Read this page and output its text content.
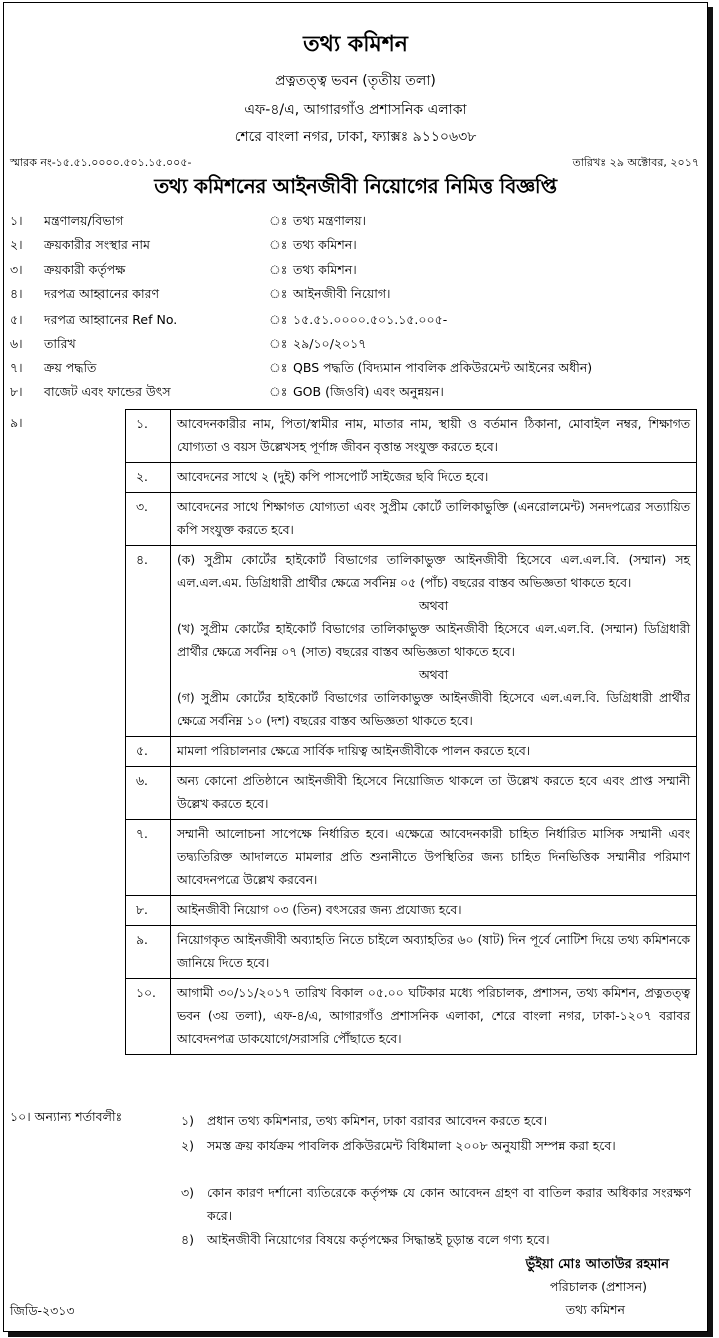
তথ্য কমিশন
প্রত্নতত্ত্ব ভবন (তৃতীয় তলা)
এফ-৪/এ, আগারগাঁও প্রশাসনিক এলাকা
শেরে বাংলা নগর, ঢাকা, ফ্যাক্সঃ ৯১১০৬৩৮
স্মারক নং-১৫.৫১.০০০০.৫০১.১৫.০০৫-	তারিখঃ ২৯ অক্টোবর, ২০১৭
তথ্য কমিশনের আইনজীবী নিয়োগের নিমিত্ত বিজ্ঞপ্তি
১। মন্ত্রণালয়/বিভাগ	ঃ তথ্য মন্ত্রণালয়।
২। ক্রয়কারীর সংস্থার নাম	ঃ তথ্য কমিশন।
৩। ক্রয়কারী কর্তৃপক্ষ	ঃ তথ্য কমিশন।
৪। দরপত্র আহ্বানের কারণ	ঃ আইনজীবী নিয়োগ।
৫। দরপত্র আহ্বানের Ref No.	ঃ ১৫.৫১.০০০০.৫০১.১৫.০০৫-
৬। তারিখ	ঃ ২৯/১০/২০১৭
৭। ক্রয় পদ্ধতি	ঃ QBS পদ্ধতি (বিদ্যমান পাবলিক প্রকিউরমেন্ট আইনের অধীন)
৮। বাজেট এবং ফান্ডের উৎস	ঃ GOB (জিওবি) এবং অনুন্নয়ন।
৯।	১.	আবেদনকারীর নাম, পিতা/স্বামীর নাম, মাতার নাম, স্থায়ী ও বর্তমান ঠিকানা, মোবাইল নম্বর, শিক্ষাগত যোগ্যতা ও বয়স উল্লেখসহ পূর্ণাঙ্গ জীবন বৃত্তান্ত সংযুক্ত করতে হবে।
২.	আবেদনের সাথে ২ (দুই) কপি পাসপোর্ট সাইজের ছবি দিতে হবে।
৩.	আবেদনের সাথে শিক্ষাগত যোগ্যতা এবং সুপ্রীম কোর্টে তালিকাভুক্তি (এনরোলমেন্ট) সনদপত্রের সত্যায়িত কপি সংযুক্ত করতে হবে।
৪.	(ক) সুপ্রীম কোর্টের হাইকোর্ট বিভাগের তালিকাভুক্ত আইনজীবী হিসেবে এল.এল.বি. (সম্মান) সহ এল.এল.এম. ডিগ্রিধারী প্রার্থীর ক্ষেত্রে সর্বনিম্ন ০৫ (পাঁচ) বছরের বাস্তব অভিজ্ঞতা থাকতে হবে।
অথবা
(খ) সুপ্রীম কোর্টের হাইকোর্ট বিভাগের তালিকাভুক্ত আইনজীবী হিসেবে এল.এল.বি. (সম্মান) ডিগ্রিধারী প্রার্থীর ক্ষেত্রে সর্বনিম্ন ০৭ (সাত) বছরের বাস্তব অভিজ্ঞতা থাকতে হবে।
অথবা
(গ) সুপ্রীম কোর্টের হাইকোর্ট বিভাগের তালিকাভুক্ত আইনজীবী হিসেবে এল.এল.বি. ডিগ্রিধারী প্রার্থীর ক্ষেত্রে সর্বনিম্ন ১০ (দশ) বছরের বাস্তব অভিজ্ঞতা থাকতে হবে।

৫.	মামলা পরিচালনার ক্ষেত্রে সার্বিক দায়িত্ব আইনজীবীকে পালন করতে হবে।
৬.	অন্য কোনো প্রতিষ্ঠানে আইনজীবী হিসেবে নিয়োজিত থাকলে তা উল্লেখ করতে হবে এবং প্রাপ্ত সম্মানী উল্লেখ করতে হবে।
৭.	সম্মানী আলোচনা সাপেক্ষে নির্ধারিত হবে। এক্ষেত্রে আবেদনকারী চাহিত নির্ধারিত মাসিক সম্মানী এবং তদ্ব্যতিরিক্ত আদালতে মামলার প্রতি শুনানীতে উপস্থিতির জন্য চাহিত দিনভিত্তিক সম্মানীর পরিমাণ আবেদনপত্রে উল্লেখ করবেন।
৮.	আইনজীবী নিয়োগ ০৩ (তিন) বৎসরের জন্য প্রযোজ্য হবে।
৯.	নিয়োগকৃত আইনজীবী অব্যাহতি নিতে চাইলে অব্যাহতির ৬০ (ষাট) দিন পূর্বে নোটিশ দিয়ে তথ্য কমিশনকে জানিয়ে দিতে হবে।
১০.	আগামী ৩০/১১/২০১৭ তারিখ বিকাল ০৫.০০ ঘটিকার মধ্যে পরিচালক, প্রশাসন, তথ্য কমিশন, প্রত্নতত্ত্ব ভবন (৩য় তলা), এফ-৪/এ, আগারগাঁও প্রশাসনিক এলাকা, শেরে বাংলা নগর, ঢাকা-১২০৭ বরাবর আবেদনপত্র ডাকযোগে/সরাসরি পৌঁছাতে হবে।
১০। অন্যান্য শর্তাবলীঃ	১) প্রধান তথ্য কমিশনার, তথ্য কমিশন, ঢাকা বরাবর আবেদন করতে হবে।
২) সমস্ত ক্রয় কার্যক্রম পাবলিক প্রকিউরমেন্ট বিধিমালা ২০০৮ অনুযায়ী সম্পন্ন করা হবে।
৩) কোন কারণ দর্শানো ব্যতিরেকে কর্তৃপক্ষ যে কোন আবেদন গ্রহণ বা বাতিল করার অধিকার সংরক্ষণ করে।
৪) আইনজীবী নিয়োগের বিষয়ে কর্তৃপক্ষের সিদ্ধান্তই চূড়ান্ত বলে গণ্য হবে।
ভুঁইয়া মোঃ আতাউর রহমান
পরিচালক (প্রশাসন)
তথ্য কমিশন
জিডি-২৩১৩
